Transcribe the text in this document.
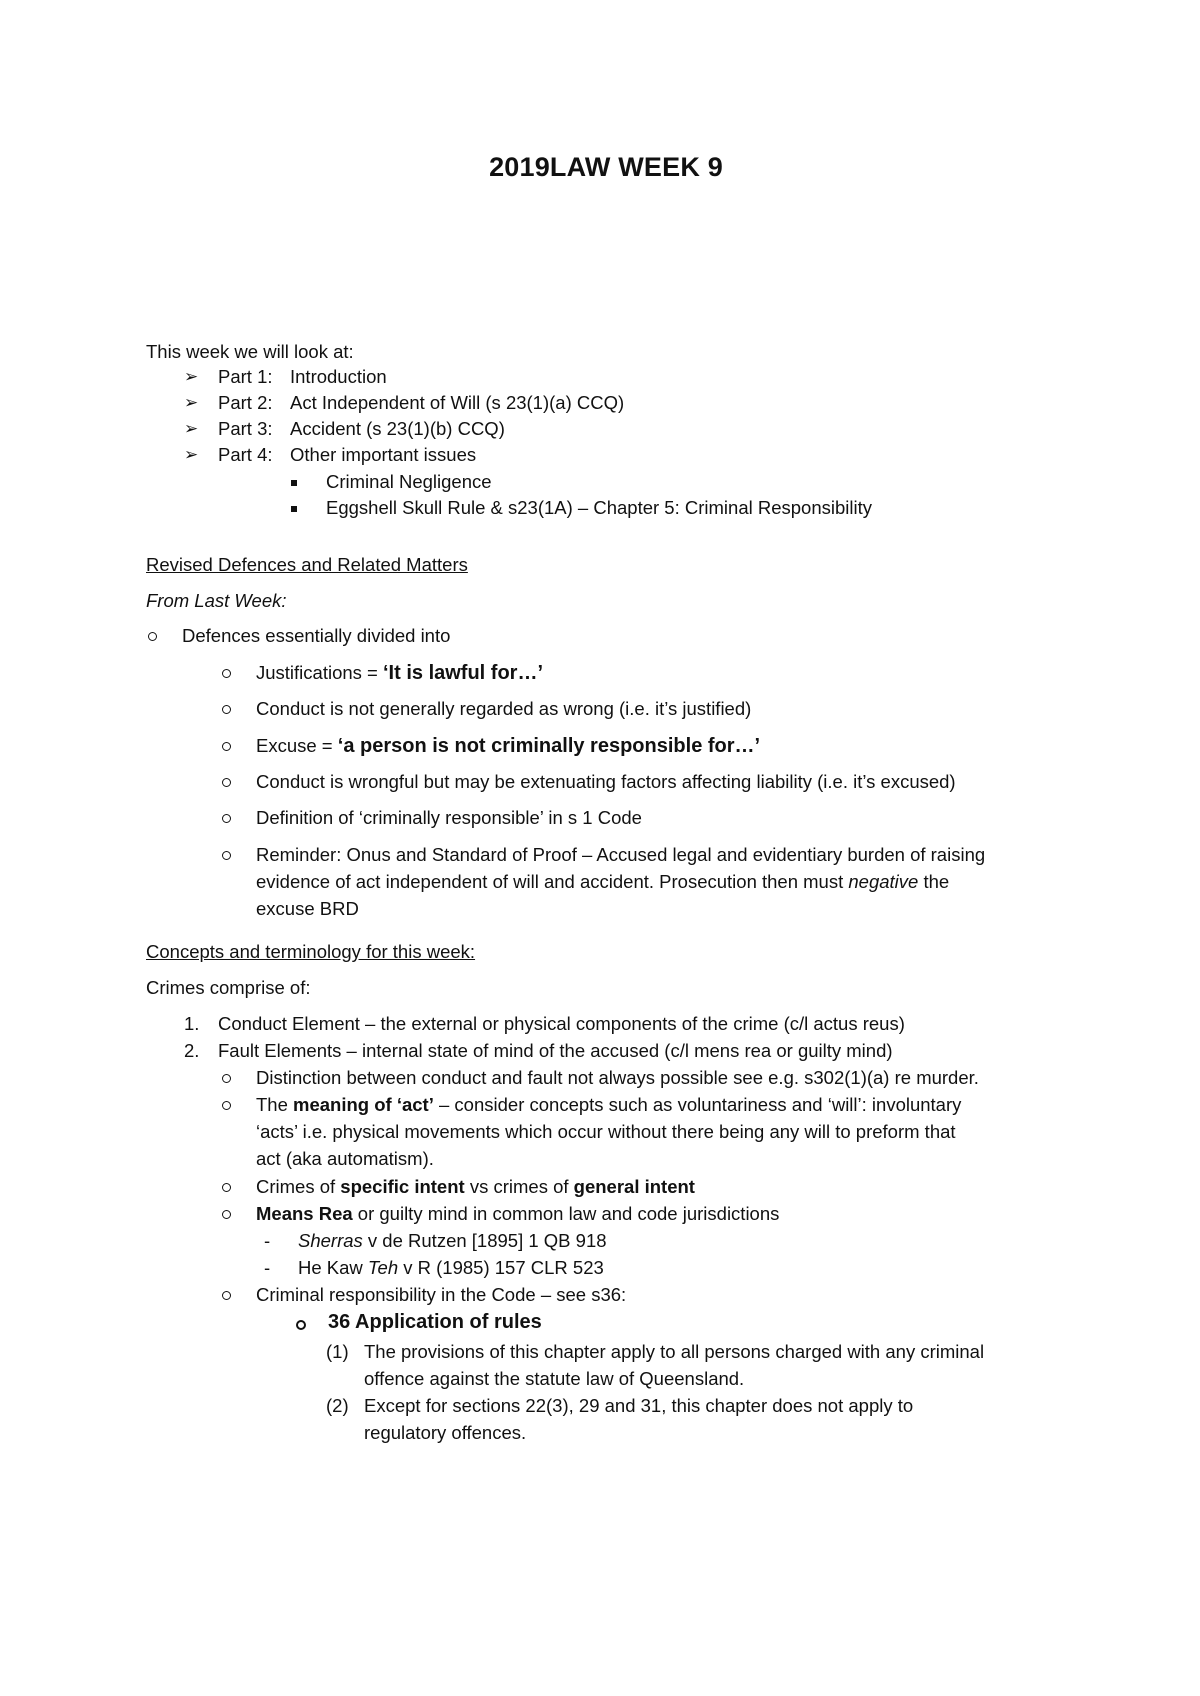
2019LAW WEEK 9
This week we will look at:
➢ Part 1: Introduction
➢ Part 2: Act Independent of Will (s 23(1)(a) CCQ)
➢ Part 3: Accident (s 23(1)(b) CCQ)
➢ Part 4: Other important issues
Criminal Negligence
Eggshell Skull Rule & s23(1A) – Chapter 5: Criminal Responsibility
Revised Defences and Related Matters
From Last Week:
Defences essentially divided into
Justifications = ‘It is lawful for…’
Conduct is not generally regarded as wrong (i.e. it’s justified)
Excuse = ‘a person is not criminally responsible for…’
Conduct is wrongful but may be extenuating factors affecting liability (i.e. it’s excused)
Definition of ‘criminally responsible’ in s 1 Code
Reminder: Onus and Standard of Proof – Accused legal and evidentiary burden of raising
evidence of act independent of will and accident. Prosecution then must negative the
excuse BRD
Concepts and terminology for this week:
Crimes comprise of:
1. Conduct Element – the external or physical components of the crime (c/l actus reus)
2. Fault Elements – internal state of mind of the accused (c/l mens rea or guilty mind)
Distinction between conduct and fault not always possible see e.g. s302(1)(a) re murder.
The meaning of ‘act’ – consider concepts such as voluntariness and ‘will’: involuntary
‘acts’ i.e. physical movements which occur without there being any will to preform that
act (aka automatism).
Crimes of specific intent vs crimes of general intent
Means Rea or guilty mind in common law and code jurisdictions
- Sherras v de Rutzen [1895] 1 QB 918
- He Kaw Teh v R (1985) 157 CLR 523
Criminal responsibility in the Code – see s36:
36 Application of rules
(1) The provisions of this chapter apply to all persons charged with any criminal
offence against the statute law of Queensland.
(2) Except for sections 22(3), 29 and 31, this chapter does not apply to
regulatory offences.
